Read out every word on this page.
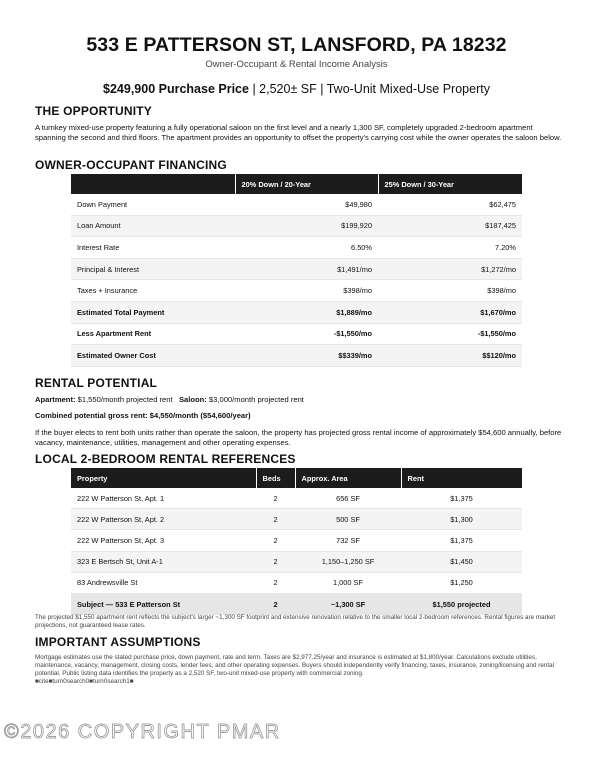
533 E PATTERSON ST, LANSFORD, PA 18232
Owner-Occupant & Rental Income Analysis
$249,900 Purchase Price | 2,520± SF | Two-Unit Mixed-Use Property
THE OPPORTUNITY

A turnkey mixed-use property featuring a fully operational saloon on the first level and a nearly 1,300 SF, completely upgraded 2-bedroom apartment spanning the second and third floors. The apartment provides an opportunity to offset the property's carrying cost while the owner operates the saloon below.

OWNER-OCCUPANT FINANCING
	20% Down / 20-Year	25% Down / 30-Year
Down Payment	$49,980	$62,475
Loan Amount	$199,920	$187,425
Interest Rate	6.50%	7.20%
Principal & Interest	$1,491/mo	$1,272/mo
Taxes + Insurance	$398/mo	$398/mo
Estimated Total Payment	$1,889/mo	$1,670/mo
Less Apartment Rent	-$1,550/mo	-$1,550/mo
Estimated Owner Cost	$$339/mo	$$120/mo
RENTAL POTENTIAL

Apartment: $1,550/month projected rent Saloon: $3,000/month projected rent

Combined potential gross rent: $4,550/month ($54,600/year)

If the buyer elects to rent both units rather than operate the saloon, the property has projected gross rental income of approximately $54,600 annually, before vacancy, maintenance, utilities, management and other operating expenses.

LOCAL 2-BEDROOM RENTAL REFERENCES
Property	Beds	Approx. Area	Rent
222 W Patterson St, Apt. 1	2	656 SF	$1,375
222 W Patterson St, Apt. 2	2	500 SF	$1,300
222 W Patterson St, Apt. 3	2	732 SF	$1,375
323 E Bertsch St, Unit A-1	2	1,150–1,250 SF	$1,450
83 Andrewsville St	2	1,000 SF	$1,250
Subject — 533 E Patterson St	2	~1,300 SF	$1,550 projected

The projected $1,550 apartment rent reflects the subject's larger ~1,300 SF footprint and extensive renovation relative to the smaller local 2-bedroom references. Rental figures are market projections, not guaranteed lease rates.

IMPORTANT ASSUMPTIONS

Mortgage estimates use the stated purchase price, down payment, rate and term. Taxes are $2,977.25/year and insurance is estimated at $1,800/year. Calculations exclude utilities, maintenance, vacancy, management, closing costs, lender fees, and other operating expenses. Buyers should independently verify financing, taxes, insurance, zoning/licensing and rental potential. Public listing data identifies the property as a 2,520 SF, two-unit mixed-use property with commercial zoning.

■cite■turn0search0■turn0search1■

©2026 COPYRIGHT PMAR
